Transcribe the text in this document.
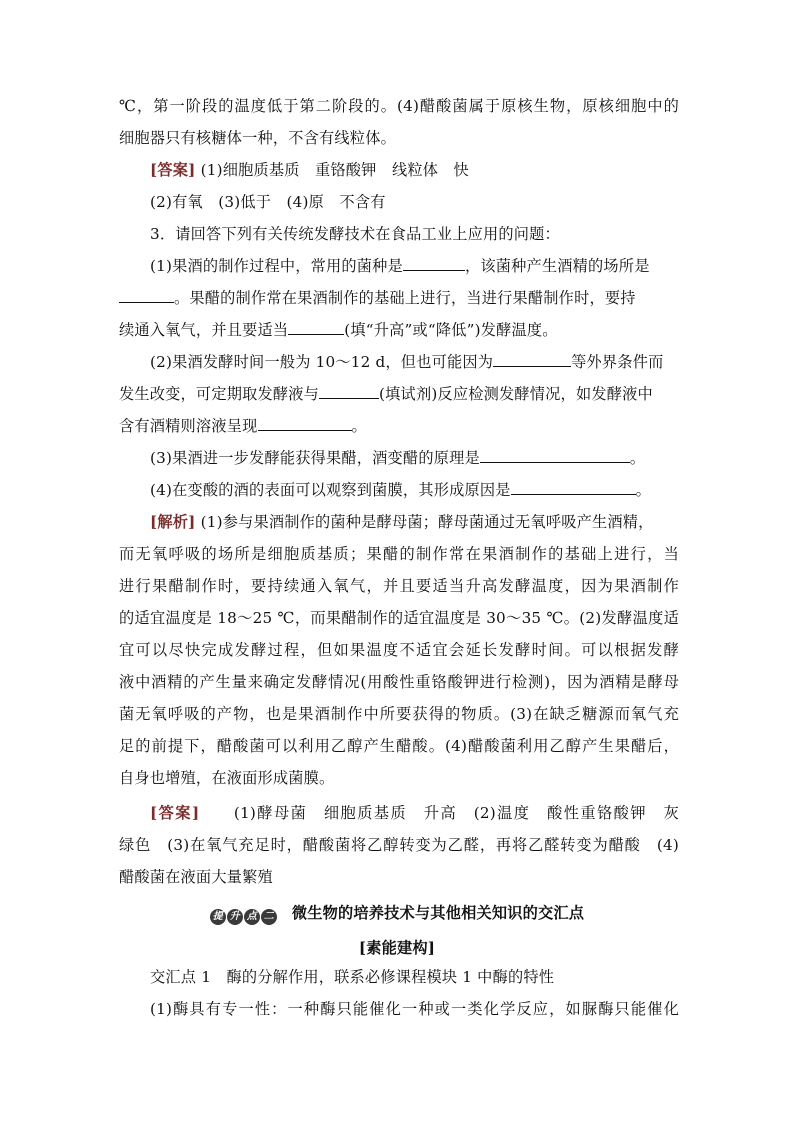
℃，第一阶段的温度低于第二阶段的。(4)醋酸菌属于原核生物，原核细胞中的
细胞器只有核糖体一种，不含有线粒体。
[答案] (1)细胞质基质　重铬酸钾　线粒体　快
(2)有氧　(3)低于　(4)原　不含有
3．请回答下列有关传统发酵技术在食品工业上应用的问题：
(1)果酒的制作过程中，常用的菌种是	，该菌种产生酒精的场所是
。果醋的制作常在果酒制作的基础上进行，当进行果醋制作时，要持
续通入氧气，并且要适当	(填“升高”或“降低”)发酵温度。
(2)果酒发酵时间一般为 10～12 d，但也可能因为	等外界条件而
发生改变，可定期取发酵液与	(填试剂)反应检测发酵情况，如发酵液中
含有酒精则溶液呈现	。
(3)果酒进一步发酵能获得果醋，酒变醋的原理是	。
(4)在变酸的酒的表面可以观察到菌膜，其形成原因是	。
[解析] (1)参与果酒制作的菌种是酵母菌；酵母菌通过无氧呼吸产生酒精，
而无氧呼吸的场所是细胞质基质；果醋的制作常在果酒制作的基础上进行，当
进行果醋制作时，要持续通入氧气，并且要适当升高发酵温度，因为果酒制作
的适宜温度是 18～25 ℃，而果醋制作的适宜温度是 30～35 ℃。(2)发酵温度适
宜可以尽快完成发酵过程，但如果温度不适宜会延长发酵时间。可以根据发酵
液中酒精的产生量来确定发酵情况(用酸性重铬酸钾进行检测)，因为酒精是酵母
菌无氧呼吸的产物，也是果酒制作中所要获得的物质。(3)在缺乏糖源而氧气充
足的前提下，醋酸菌可以利用乙醇产生醋酸。(4)醋酸菌利用乙醇产生果醋后，
自身也增殖，在液面形成菌膜。
[答案]　　 (1)酵母菌　细胞质基质　升高　(2)温度　酸性重铬酸钾　灰
绿色　(3)在氧气充足时，醋酸菌将乙醇转变为乙醛，再将乙醛转变为醋酸　(4)
醋酸菌在液面大量繁殖
提 升 点 二 微生物的培养技术与其他相关知识的交汇点
[素能建构]
交汇点 1　酶的分解作用，联系必修课程模块 1 中酶的特性
(1)酶具有专一性：一种酶只能催化一种或一类化学反应，如脲酶只能催化
